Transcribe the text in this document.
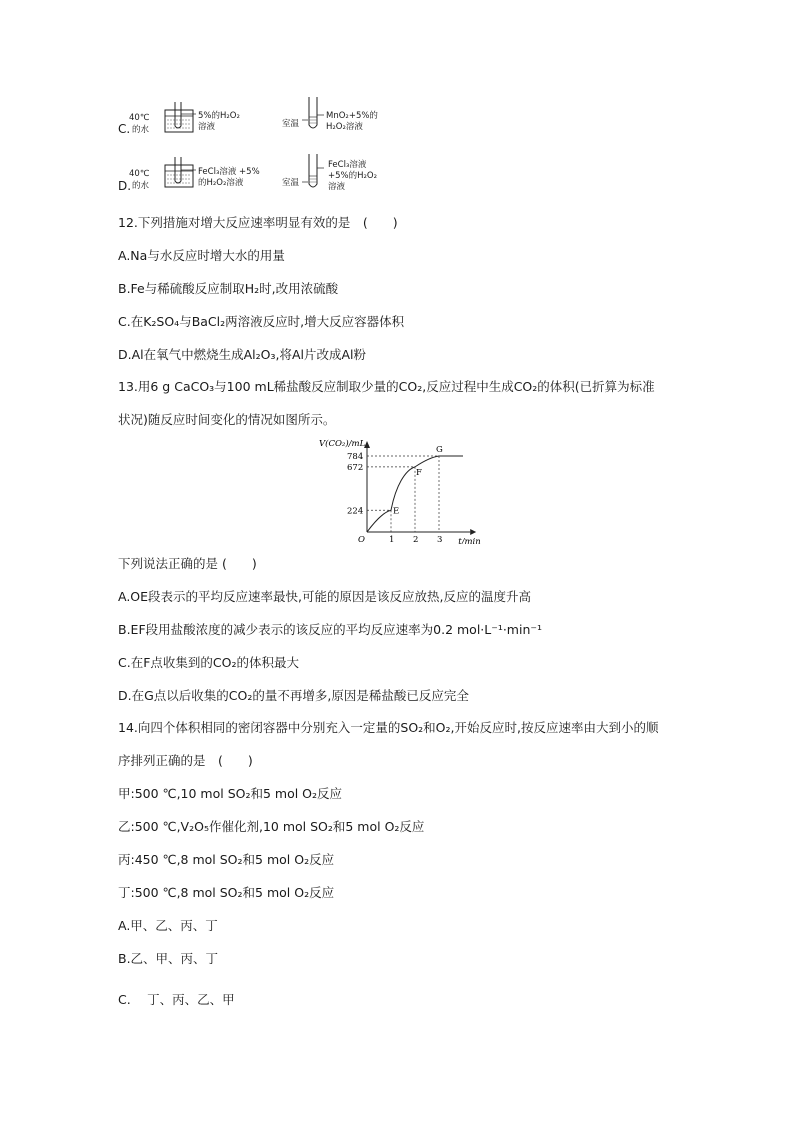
40℃
C. 的水
5%的H₂O₂
溶液	室温
MnO₂+5%的
H₂O₂溶液
40℃
D. 的水
FeCl₃溶液 +5%
的H₂O₂溶液	室温
FeCl₃溶液
+5%的H₂O₂
溶液
12.下列措施对增大反应速率明显有效的是　(　　)
A.Na与水反应时增大水的用量
B.Fe与稀硫酸反应制取H₂时,改用浓硫酸
C.在K₂SO₄与BaCl₂两溶液反应时,增大反应容器体积
D.Al在氧气中燃烧生成Al₂O₃,将Al片改成Al粉
13.用6 g CaCO₃与100 mL稀盐酸反应制取少量的CO₂,反应过程中生成CO₂的体积(已折算为标准
状况)随反应时间变化的情况如图所示。
V(CO₂)/mL
t/min
O
224
1
E
672
2
F
784
3
G
下列说法正确的是 (　　)
A.OE段表示的平均反应速率最快,可能的原因是该反应放热,反应的温度升高
B.EF段用盐酸浓度的减少表示的该反应的平均反应速率为0.2 mol·L⁻¹·min⁻¹
C.在F点收集到的CO₂的体积最大
D.在G点以后收集的CO₂的量不再增多,原因是稀盐酸已反应完全
14.向四个体积相同的密闭容器中分别充入一定量的SO₂和O₂,开始反应时,按反应速率由大到小的顺
序排列正确的是　(　　)
甲:500 ℃,10 mol SO₂和5 mol O₂反应
乙:500 ℃,V₂O₅作催化剂,10 mol SO₂和5 mol O₂反应
丙:450 ℃,8 mol SO₂和5 mol O₂反应
丁:500 ℃,8 mol SO₂和5 mol O₂反应
A.甲、乙、丙、丁
B.乙、甲、丙、丁
C.　 丁、丙、乙、甲
